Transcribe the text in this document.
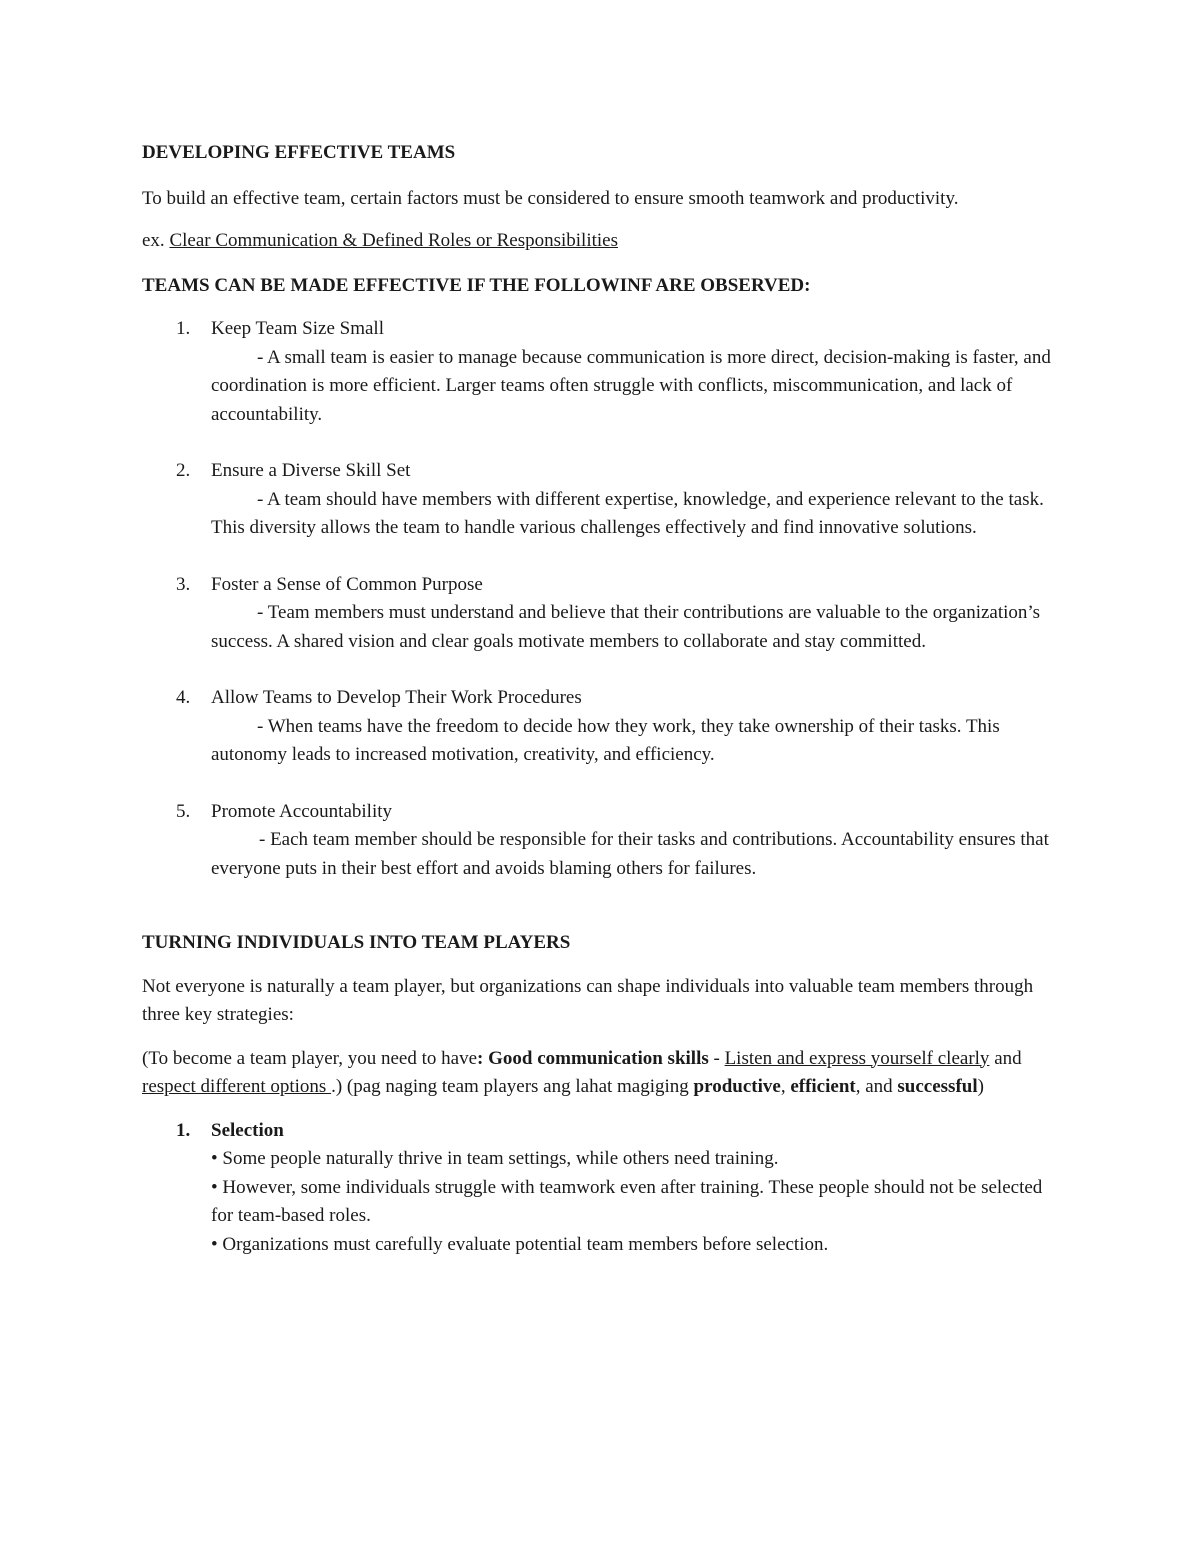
DEVELOPING EFFECTIVE TEAMS

To build an effective team, certain factors must be considered to ensure smooth teamwork and productivity.

ex. Clear Communication & Defined Roles or Responsibilities

TEAMS CAN BE MADE EFFECTIVE IF THE FOLLOWINF ARE OBSERVED:
1. Keep Team Size Small

- A small team is easier to manage because communication is more direct, decision-making is faster, and coordination is more efficient. Larger teams often struggle with conflicts, miscommunication, and lack of accountability.

2. Ensure a Diverse Skill Set

- A team should have members with different expertise, knowledge, and experience relevant to the task. This diversity allows the team to handle various challenges effectively and find innovative solutions.

3. Foster a Sense of Common Purpose

- Team members must understand and believe that their contributions are valuable to the organization’s success. A shared vision and clear goals motivate members to collaborate and stay committed.

4. Allow Teams to Develop Their Work Procedures

- When teams have the freedom to decide how they work, they take ownership of their tasks. This autonomy leads to increased motivation, creativity, and efficiency.

5. Promote Accountability

- Each team member should be responsible for their tasks and contributions. Accountability ensures that everyone puts in their best effort and avoids blaming others for failures.

TURNING INDIVIDUALS INTO TEAM PLAYERS

Not everyone is naturally a team player, but organizations can shape individuals into valuable team members through three key strategies:

(To become a team player, you need to have: Good communication skills - Listen and express yourself clearly and respect different options .) (pag naging team players ang lahat magiging productive, efficient, and successful)

1. Selection

• Some people naturally thrive in team settings, while others need training.

• However, some individuals struggle with teamwork even after training. These people should not be selected for team-based roles.

• Organizations must carefully evaluate potential team members before selection.
